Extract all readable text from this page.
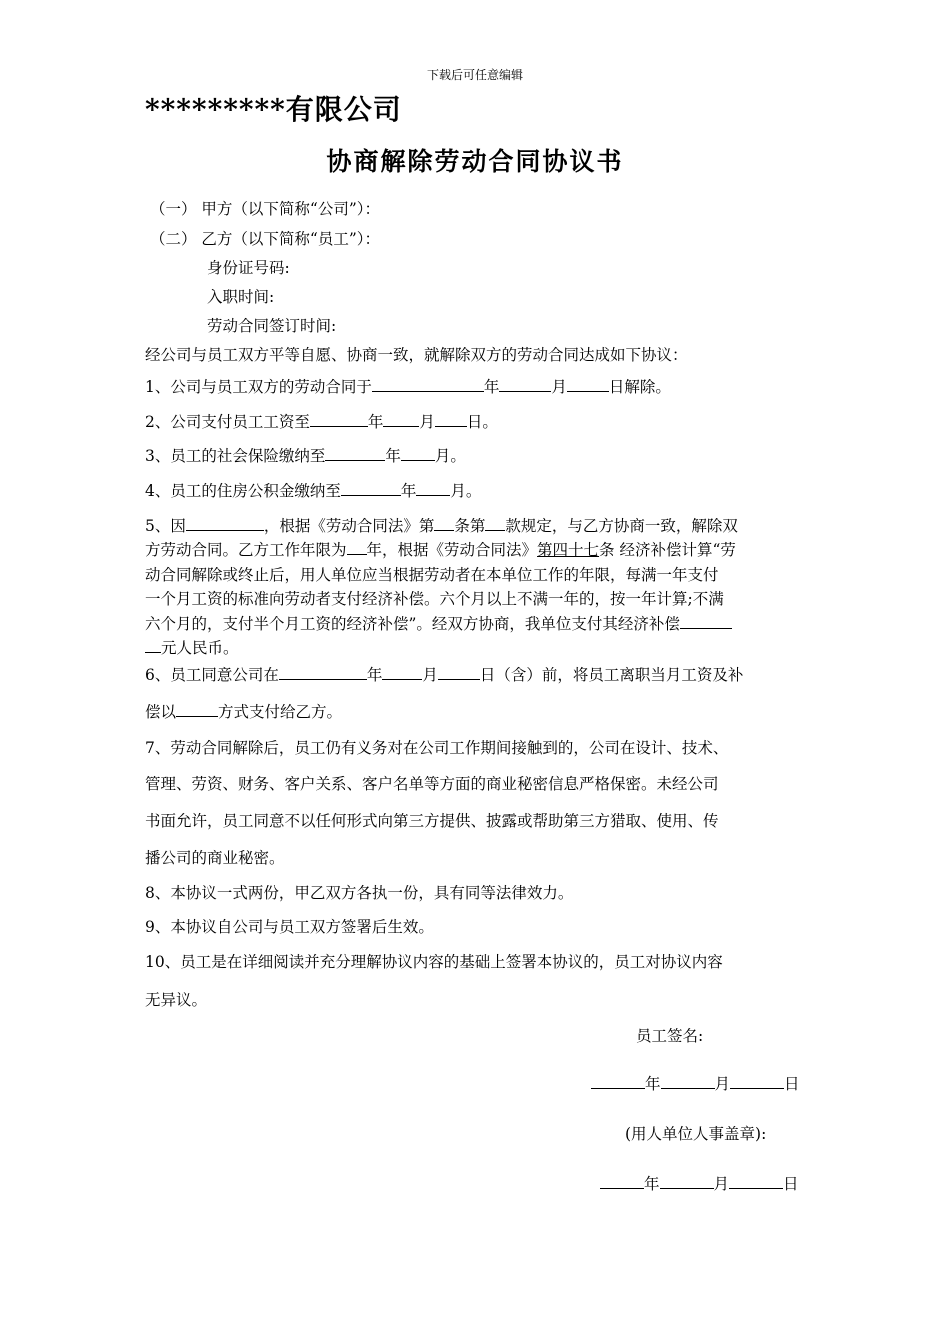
下载后可任意编辑
*********有限公司
协商解除劳动合同协议书
（一） 甲方（以下简称“公司”）：
（二） 乙方（以下简称“员工”）：
身份证号码:
入职时间:
劳动合同签订时间:
经公司与员工双方平等自愿、协商一致，就解除双方的劳动合同达成如下协议：
1、公司与员工双方的劳动合同于	年	月	日解除。
2、公司支付员工工资至	年 月 日。
3、员工的社会保险缴纳至	年 月。
4、员工的住房公积金缴纳至	年 月。
5、因	，根据《劳动合同法》第 条第 款规定，与乙方协商一致，解除双
方劳动合同。乙方工作年限为 年，根据《劳动合同法》第四十七条 经济补偿计算“劳
动合同解除或终止后，用人单位应当根据劳动者在本单位工作的年限，每满一年支付
一个月工资的标准向劳动者支付经济补偿。六个月以上不满一年的，按一年计算;不满
六个月的，支付半个月工资的经济补偿”。经双方协商，我单位支付其经济补偿
元人民币。
6、员工同意公司在	年	月	日（含）前，将员工离职当月工资及补
偿以	方式支付给乙方。
7、劳动合同解除后，员工仍有义务对在公司工作期间接触到的，公司在设计、技术、
管理、劳资、财务、客户关系、客户名单等方面的商业秘密信息严格保密。未经公司
书面允许，员工同意不以任何形式向第三方提供、披露或帮助第三方猎取、使用、传
播公司的商业秘密。
8、本协议一式两份，甲乙双方各执一份，具有同等法律效力。
9、本协议自公司与员工双方签署后生效。
10、员工是在详细阅读并充分理解协议内容的基础上签署本协议的，员工对协议内容
无异议。
员工签名:
年	月	日
(用人单位人事盖章):
年	月	日
